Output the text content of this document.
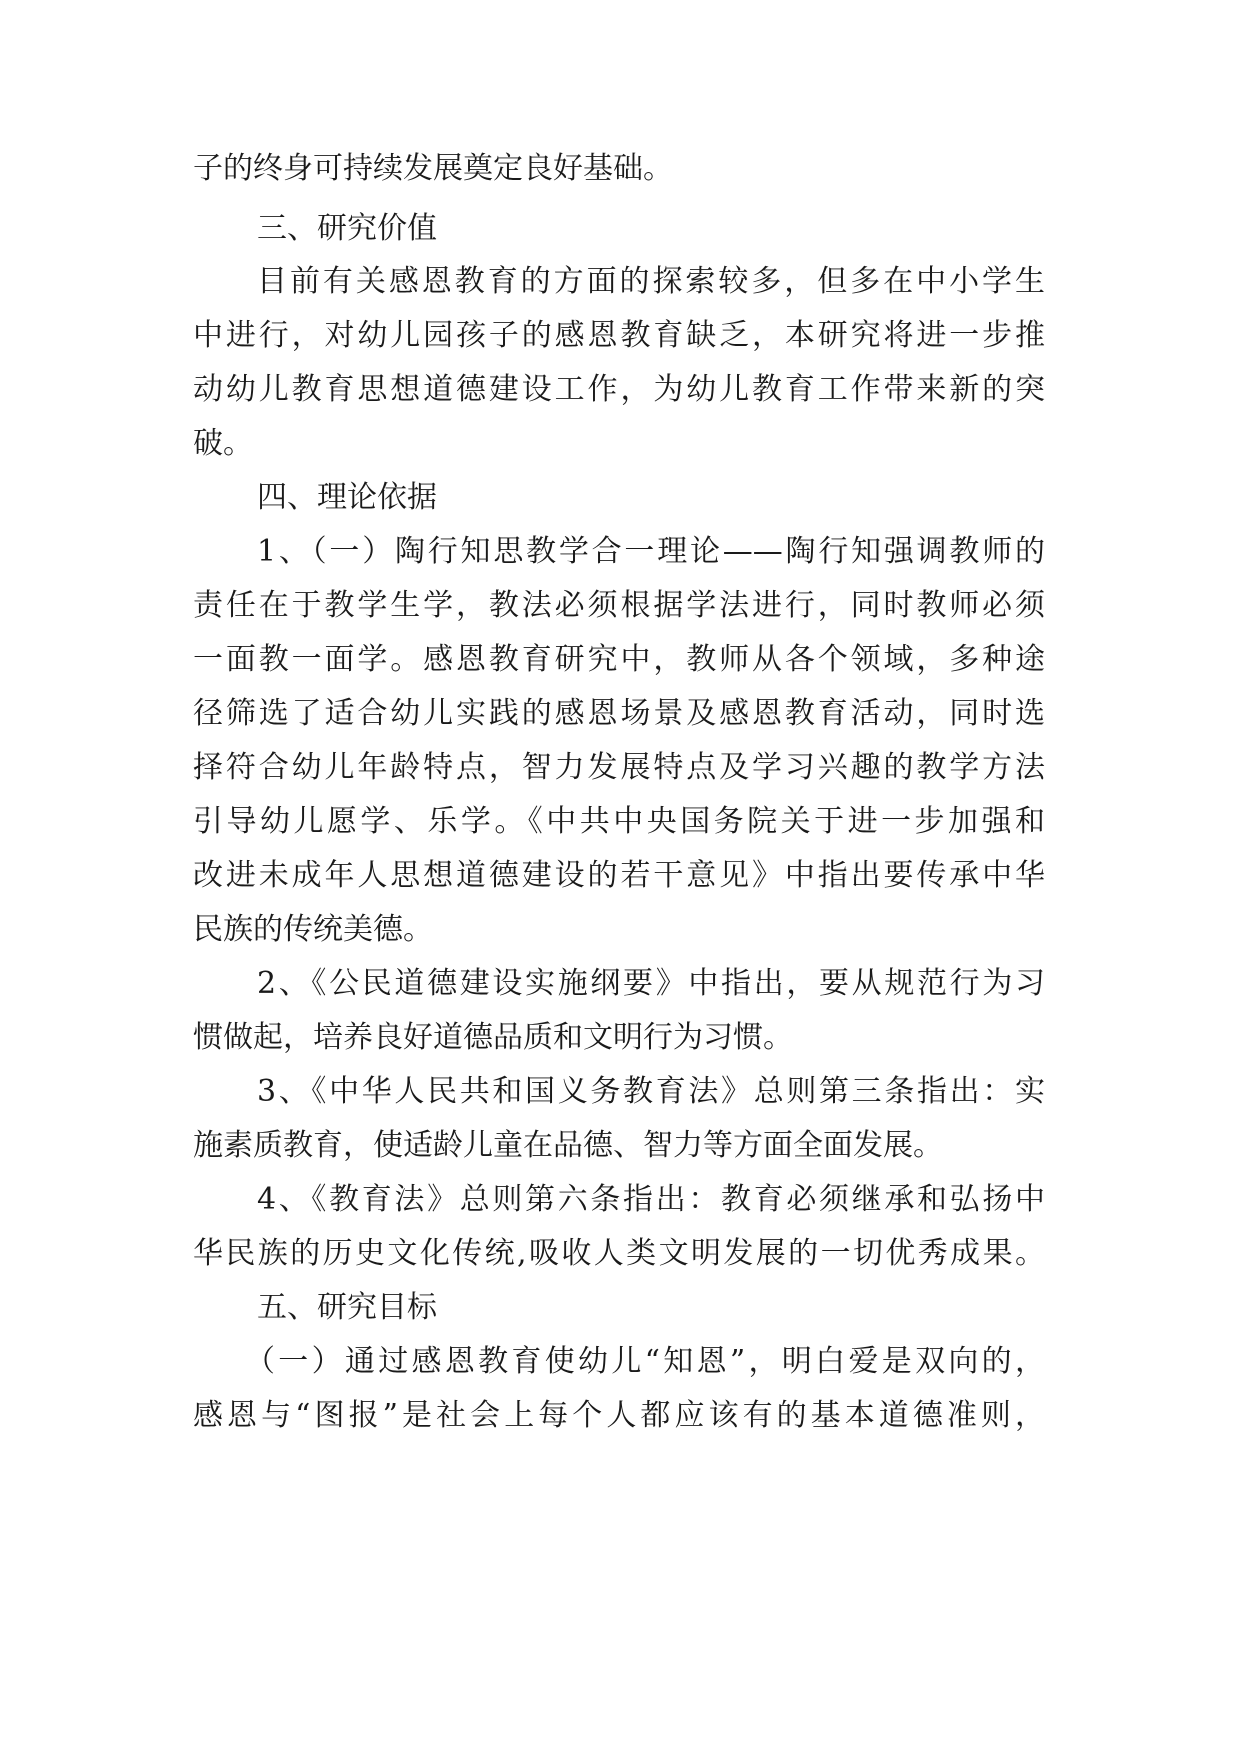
子的终身可持续发展奠定良好基础。

三、研究价值

目前有关感恩教育的方面的探索较多，但多在中小学生

中进行，对幼儿园孩子的感恩教育缺乏，本研究将进一步推

动幼儿教育思想道德建设工作，为幼儿教育工作带来新的突

破。

四、理论依据

1、（一）陶行知思教学合一理论——陶行知强调教师的

责任在于教学生学，教法必须根据学法进行，同时教师必须

一面教一面学。感恩教育研究中，教师从各个领域，多种途

径筛选了适合幼儿实践的感恩场景及感恩教育活动，同时选

择符合幼儿年龄特点，智力发展特点及学习兴趣的教学方法

引导幼儿愿学、乐学。《中共中央国务院关于进一步加强和

改进未成年人思想道德建设的若干意见》中指出要传承中华

民族的传统美德。

2、《公民道德建设实施纲要》中指出，要从规范行为习

惯做起，培养良好道德品质和文明行为习惯。

3、《中华人民共和国义务教育法》总则第三条指出：实

施素质教育，使适龄儿童在品德、智力等方面全面发展。

4、《教育法》总则第六条指出：教育必须继承和弘扬中

华民族的历史文化传统,吸收人类文明发展的一切优秀成果。

五、研究目标

（一）通过感恩教育使幼儿“知恩”，明白爱是双向的，

感恩与“图报”是社会上每个人都应该有的基本道德准则，
